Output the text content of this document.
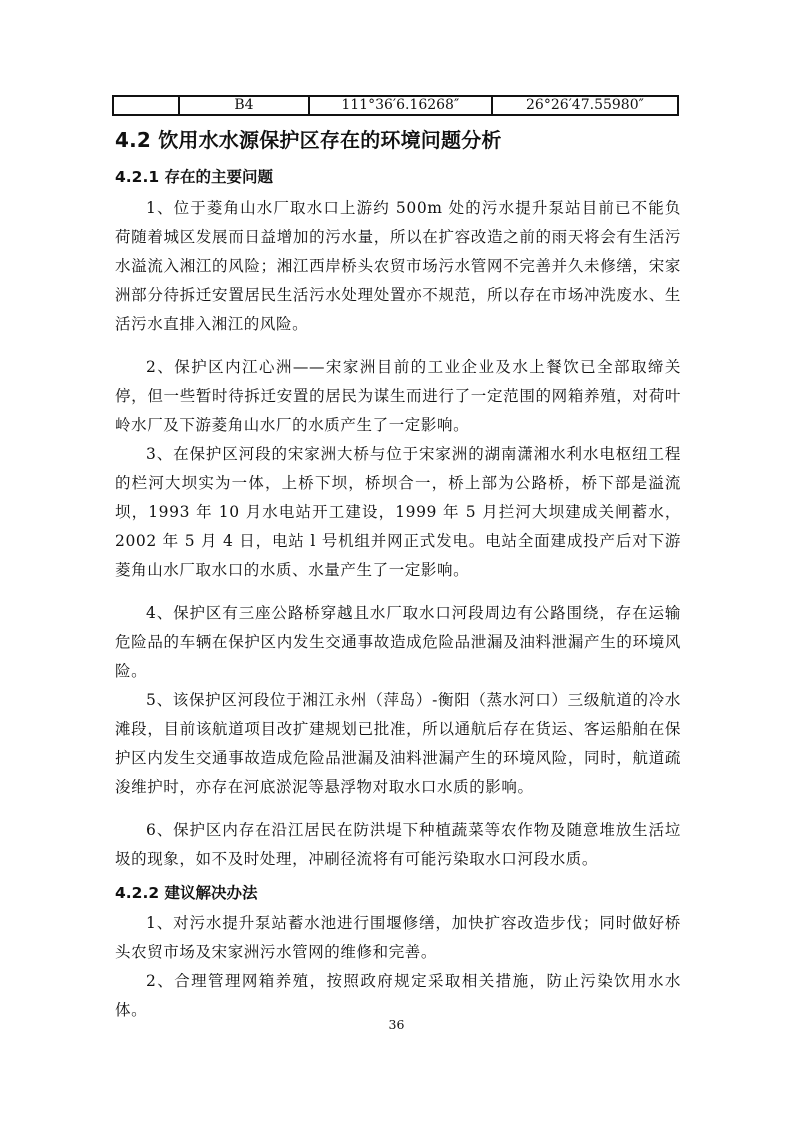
	B4	111°36′6.16268″	26°26′47.55980″
4.2 饮用水水源保护区存在的环境问题分析
4.2.1 存在的主要问题
1、位于菱角山水厂取水口上游约 500m 处的污水提升泵站目前已不能负荷随着城区发展而日益增加的污水量，所以在扩容改造之前的雨天将会有生活污水溢流入湘江的风险；湘江西岸桥头农贸市场污水管网不完善并久未修缮，宋家洲部分待拆迁安置居民生活污水处理处置亦不规范，所以存在市场冲洗废水、生活污水直排入湘江的风险。
2、保护区内江心洲——宋家洲目前的工业企业及水上餐饮已全部取缔关停，但一些暂时待拆迁安置的居民为谋生而进行了一定范围的网箱养殖，对荷叶岭水厂及下游菱角山水厂的水质产生了一定影响。
3、在保护区河段的宋家洲大桥与位于宋家洲的湖南潇湘水利水电枢纽工程的栏河大坝实为一体，上桥下坝，桥坝合一，桥上部为公路桥，桥下部是溢流坝，1993 年 10 月水电站开工建设，1999 年 5 月拦河大坝建成关闸蓄水，2002 年 5 月 4 日，电站 l 号机组并网正式发电。电站全面建成投产后对下游菱角山水厂取水口的水质、水量产生了一定影响。
4、保护区有三座公路桥穿越且水厂取水口河段周边有公路围绕，存在运输危险品的车辆在保护区内发生交通事故造成危险品泄漏及油料泄漏产生的环境风险。
5、该保护区河段位于湘江永州（萍岛）-衡阳（蒸水河口）三级航道的冷水滩段，目前该航道项目改扩建规划已批准，所以通航后存在货运、客运船舶在保护区内发生交通事故造成危险品泄漏及油料泄漏产生的环境风险，同时，航道疏浚维护时，亦存在河底淤泥等悬浮物对取水口水质的影响。
6、保护区内存在沿江居民在防洪堤下种植蔬菜等农作物及随意堆放生活垃圾的现象，如不及时处理，冲刷径流将有可能污染取水口河段水质。
4.2.2 建议解决办法
1、对污水提升泵站蓄水池进行围堰修缮，加快扩容改造步伐；同时做好桥头农贸市场及宋家洲污水管网的维修和完善。
2、合理管理网箱养殖，按照政府规定采取相关措施，防止污染饮用水水体。
36
